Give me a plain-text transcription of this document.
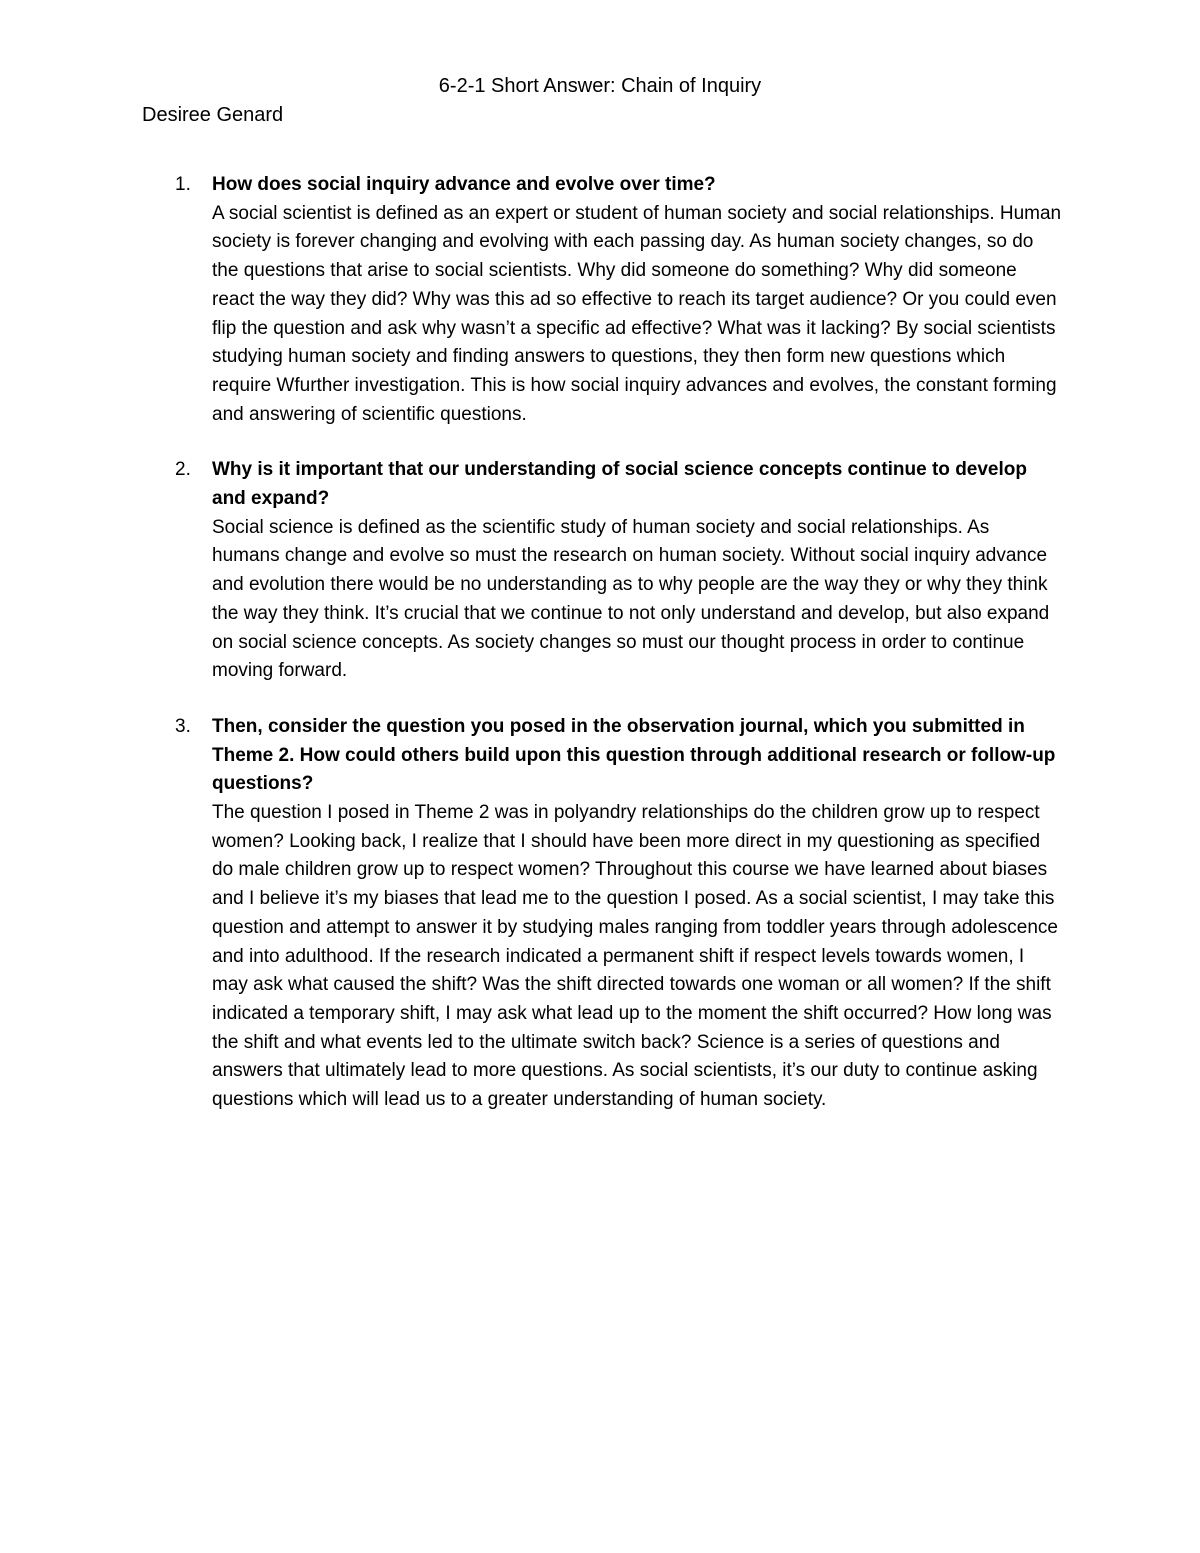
6-2-1 Short Answer: Chain of Inquiry
Desiree Genard
1.	How does social inquiry advance and evolve over time?
A social scientist is defined as an expert or student of human society and social relationships. Human society is forever changing and evolving with each passing day. As human society changes, so do the questions that arise to social scientists. Why did someone do something? Why did someone react the way they did? Why was this ad so effective to reach its target audience? Or you could even flip the question and ask why wasn’t a specific ad effective? What was it lacking? By social scientists studying human society and finding answers to questions, they then form new questions which require Wfurther investigation. This is how social inquiry advances and evolves, the constant forming and answering of scientific questions.
2.	Why is it important that our understanding of social science concepts continue to develop and expand?
Social science is defined as the scientific study of human society and social relationships. As humans change and evolve so must the research on human society. Without social inquiry advance and evolution there would be no understanding as to why people are the way they or why they think the way they think. It’s crucial that we continue to not only understand and develop, but also expand on social science concepts. As society changes so must our thought process in order to continue moving forward.
3.	Then, consider the question you posed in the observation journal, which you submitted in Theme 2. How could others build upon this question through additional research or follow-up questions?
The question I posed in Theme 2 was in polyandry relationships do the children grow up to respect women? Looking back, I realize that I should have been more direct in my questioning as specified do male children grow up to respect women? Throughout this course we have learned about biases and I believe it’s my biases that lead me to the question I posed. As a social scientist, I may take this question and attempt to answer it by studying males ranging from toddler years through adolescence and into adulthood. If the research indicated a permanent shift if respect levels towards women, I may ask what caused the shift? Was the shift directed towards one woman or all women? If the shift indicated a temporary shift, I may ask what lead up to the moment the shift occurred? How long was the shift and what events led to the ultimate switch back? Science is a series of questions and answers that ultimately lead to more questions. As social scientists, it’s our duty to continue asking questions which will lead us to a greater understanding of human society.
